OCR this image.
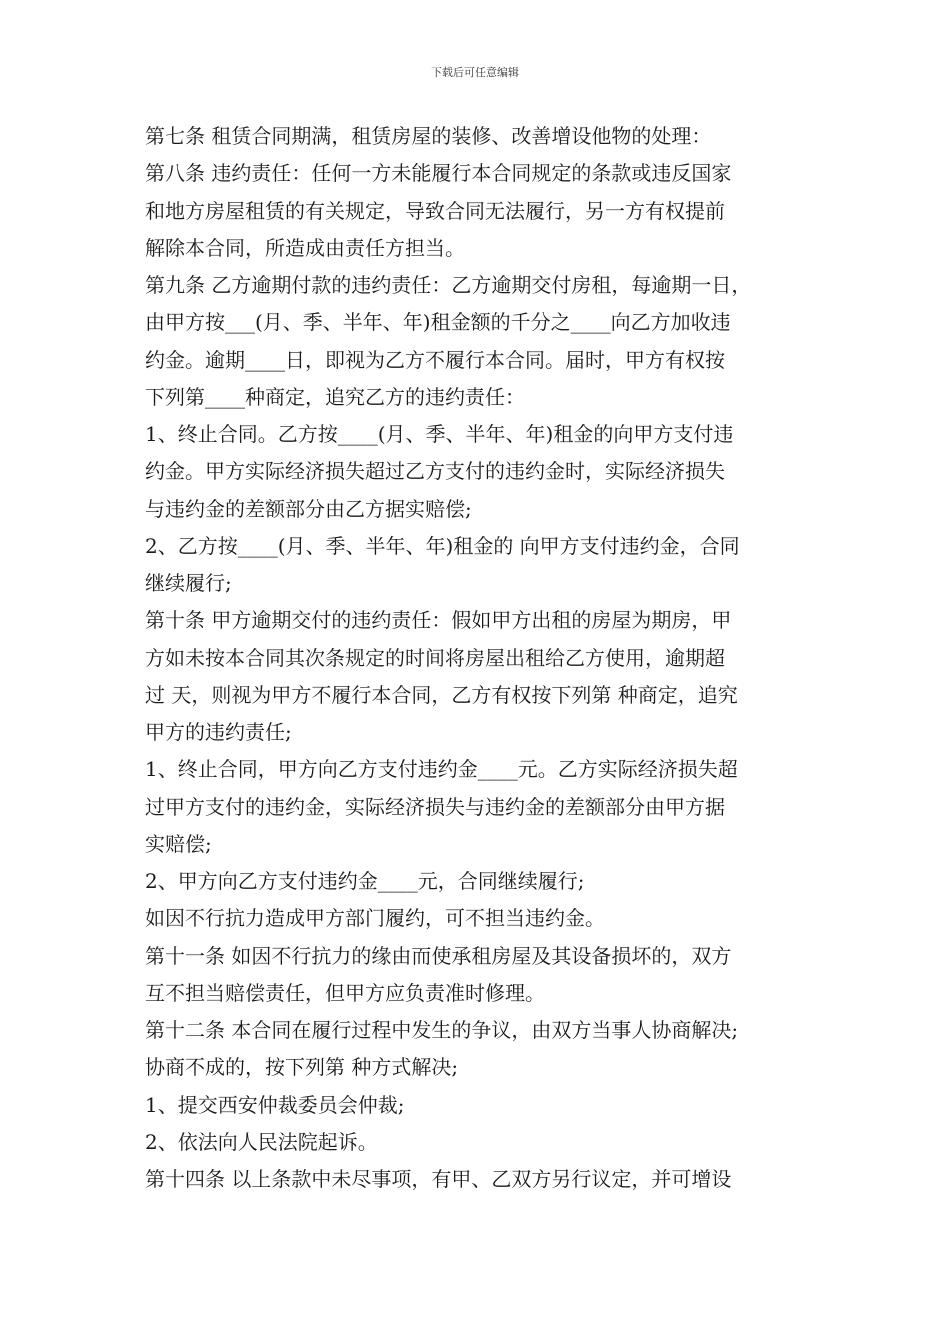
下载后可任意编辑
第七条 租赁合同期满，租赁房屋的装修、改善增设他物的处理：
第八条 违约责任：任何一方未能履行本合同规定的条款或违反国家
和地方房屋租赁的有关规定，导致合同无法履行，另一方有权提前
解除本合同，所造成由责任方担当。
第九条 乙方逾期付款的违约责任：乙方逾期交付房租，每逾期一日，
由甲方按___(月、季、半年、年)租金额的千分之____向乙方加收违
约金。逾期____日，即视为乙方不履行本合同。届时，甲方有权按
下列第____种商定，追究乙方的违约责任：
1、终止合同。乙方按____(月、季、半年、年)租金的向甲方支付违
约金。甲方实际经济损失超过乙方支付的违约金时，实际经济损失
与违约金的差额部分由乙方据实赔偿;
2、乙方按____(月、季、半年、年)租金的 向甲方支付违约金，合同
继续履行;
第十条 甲方逾期交付的违约责任：假如甲方出租的房屋为期房，甲
方如未按本合同其次条规定的时间将房屋出租给乙方使用，逾期超
过 天，则视为甲方不履行本合同，乙方有权按下列第 种商定，追究
甲方的违约责任;
1、终止合同，甲方向乙方支付违约金____元。乙方实际经济损失超
过甲方支付的违约金，实际经济损失与违约金的差额部分由甲方据
实赔偿;
2、甲方向乙方支付违约金____元，合同继续履行;
如因不行抗力造成甲方部门履约，可不担当违约金。
第十一条 如因不行抗力的缘由而使承租房屋及其设备损坏的，双方
互不担当赔偿责任，但甲方应负责准时修理。
第十二条 本合同在履行过程中发生的争议，由双方当事人协商解决;
协商不成的，按下列第 种方式解决;
1、提交西安仲裁委员会仲裁;
2、依法向人民法院起诉。
第十四条 以上条款中未尽事项，有甲、乙双方另行议定，并可增设
